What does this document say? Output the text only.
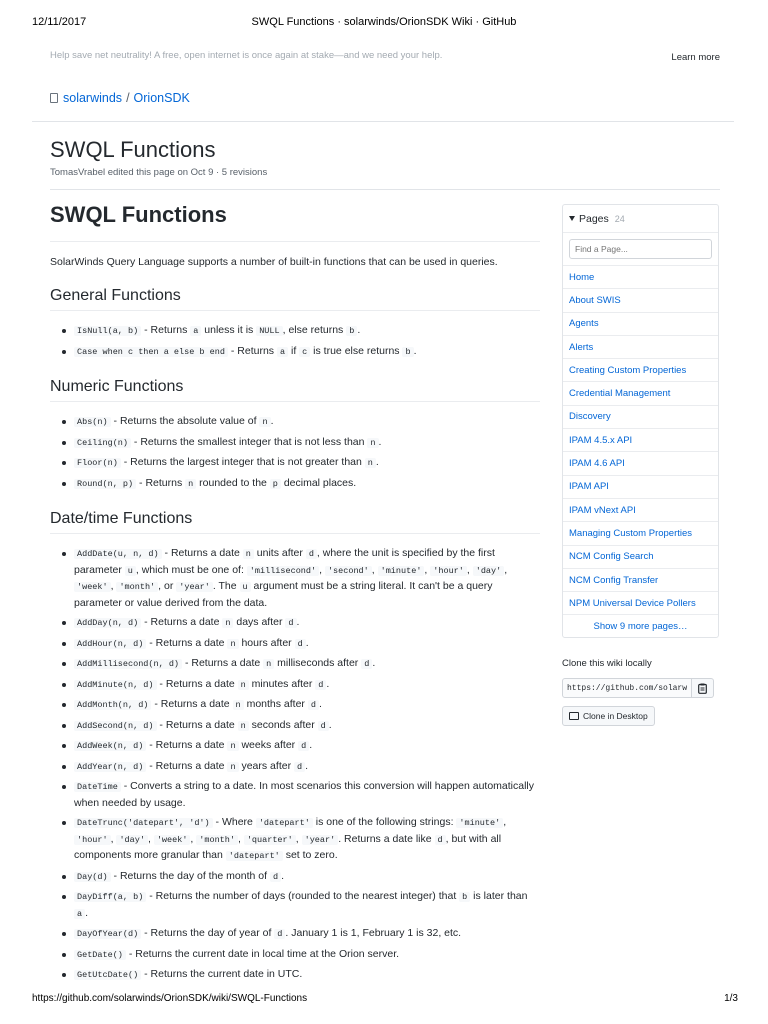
12/11/2017	SWQL Functions · solarwinds/OrionSDK Wiki · GitHub
Help save net neutrality! A free, open internet is once again at stake—and we need your help.	Learn more
solarwinds / OrionSDK
SWQL Functions
TomasVrabel edited this page on Oct 9 · 5 revisions
SWQL Functions

SolarWinds Query Language supports a number of built-in functions that can be used in queries.

General Functions
IsNull(a, b) - Returns a unless it is NULL , else returns b .
Case when c then a else b end - Returns a if c is true else returns b .
Numeric Functions
Abs(n) - Returns the absolute value of n .
Ceiling(n) - Returns the smallest integer that is not less than n .
Floor(n) - Returns the largest integer that is not greater than n .
Round(n, p) - Returns n rounded to the p decimal places.
Date/time Functions
AddDate(u, n, d) - Returns a date n units after d , where the unit is specified by the first parameter u , which must be one of: 'millisecond' , 'second' , 'minute' , 'hour' , 'day' , 'week' , 'month' , or 'year' . The u argument must be a string literal. It can't be a query parameter or value derived from the data.
AddDay(n, d) - Returns a date n days after d .
AddHour(n, d) - Returns a date n hours after d .
AddMillisecond(n, d) - Returns a date n milliseconds after d .
AddMinute(n, d) - Returns a date n minutes after d .
AddMonth(n, d) - Returns a date n months after d .
AddSecond(n, d) - Returns a date n seconds after d .
AddWeek(n, d) - Returns a date n weeks after d .
AddYear(n, d) - Returns a date n years after d .
DateTime - Converts a string to a date. In most scenarios this conversion will happen automatically when needed by usage.
DateTrunc('datepart', 'd') - Where 'datepart' is one of the following strings: 'minute' , 'hour' , 'day' , 'week' , 'month' , 'quarter' , 'year' . Returns a date like d , but with all components more granular than 'datepart' set to zero.
Day(d) - Returns the day of the month of d .
DayDiff(a, b) - Returns the number of days (rounded to the nearest integer) that b is later than a .
DayOfYear(d) - Returns the day of year of d . January 1 is 1, February 1 is 32, etc.
GetDate() - Returns the current date in local time at the Orion server.
GetUtcDate() - Returns the current date in UTC.
Pages 24
Find a Page...
Home
About SWIS
Agents
Alerts
Creating Custom Properties
Credential Management
Discovery
IPAM 4.5.x API
IPAM 4.6 API
IPAM API
IPAM vNext API
Managing Custom Properties
NCM Config Search
NCM Config Transfer
NPM Universal Device Pollers
Show 9 more pages…
Clone this wiki locally
https://github.com/solarwin
Clone in Desktop
https://github.com/solarwinds/OrionSDK/wiki/SWQL-Functions	1/3
